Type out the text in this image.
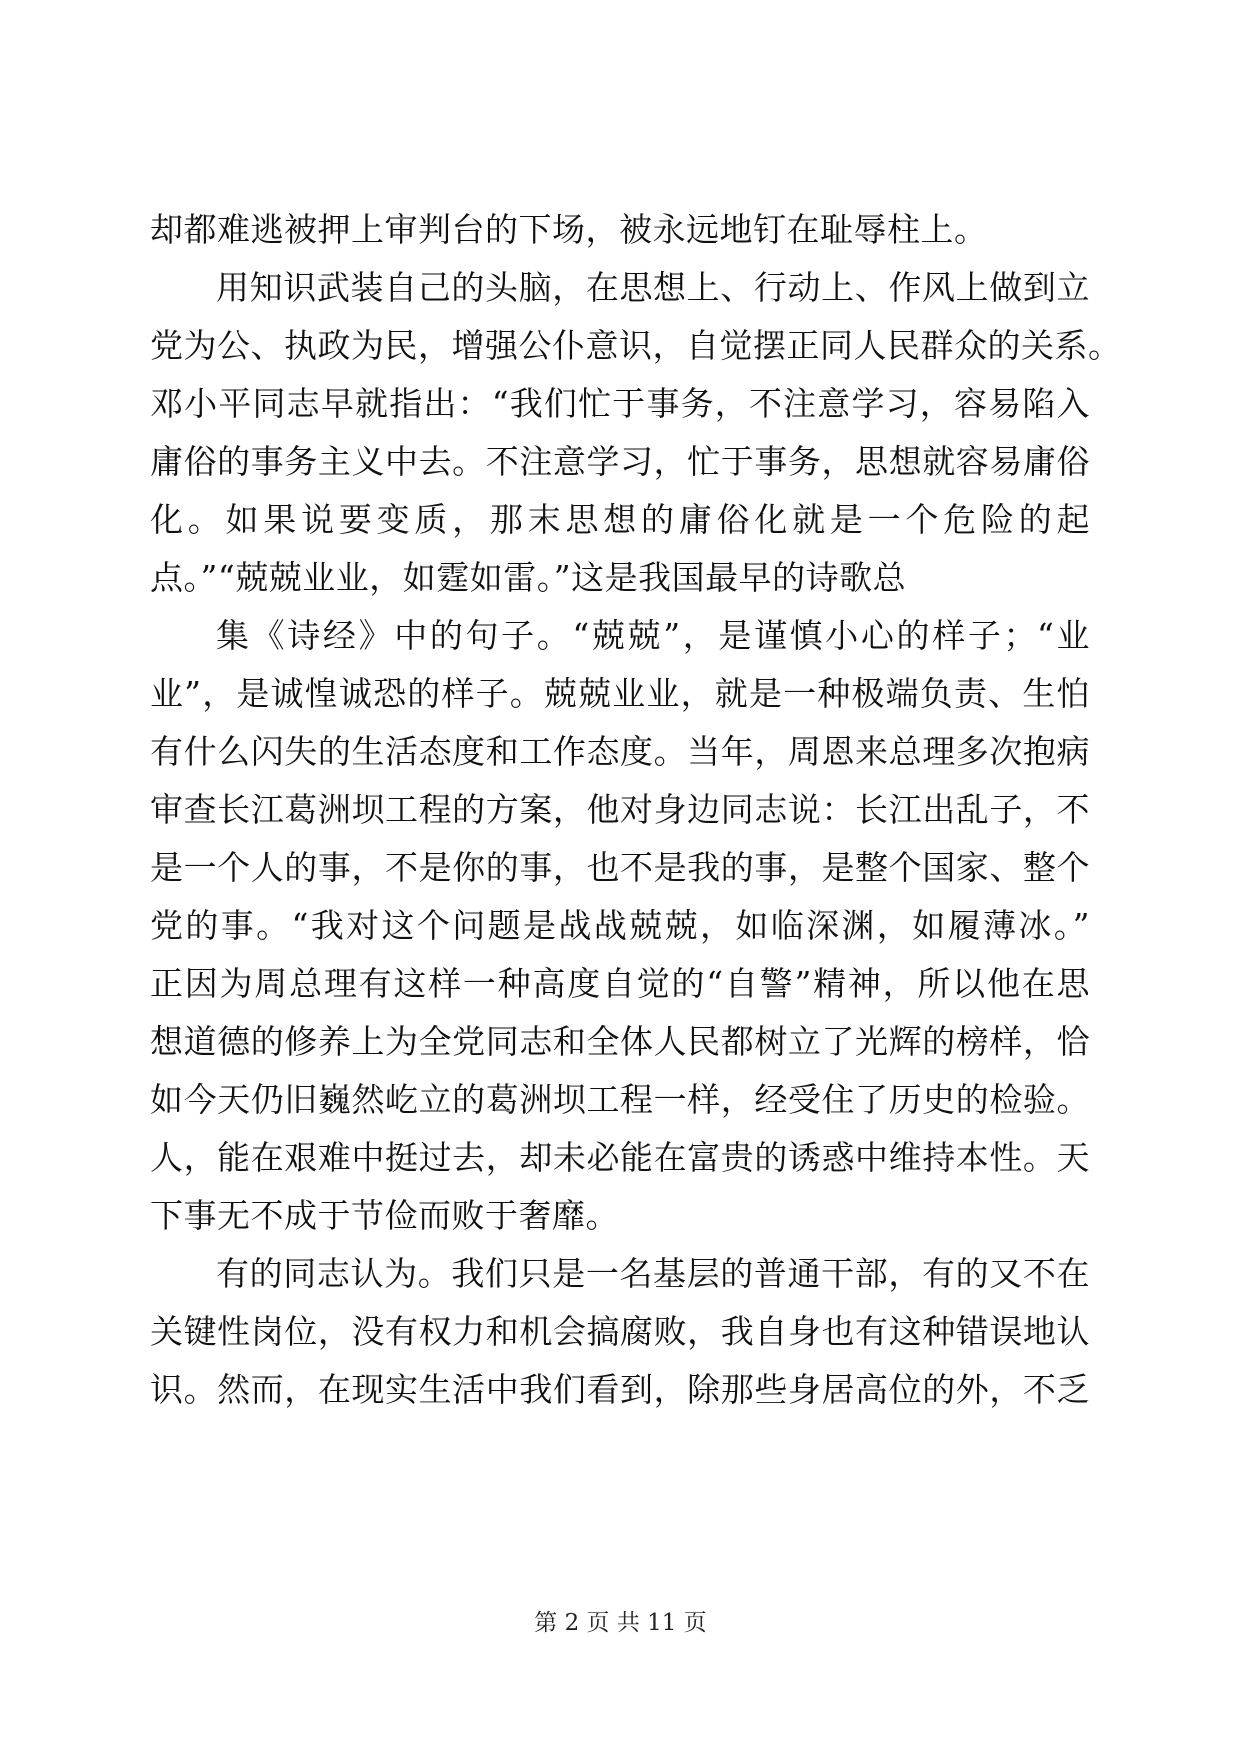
却都难逃被押上审判台的下场，被永远地钉在耻辱柱上。
用知识武装自己的头脑，在思想上、行动上、作风上做到立
党为公、执政为民，增强公仆意识，自觉摆正同人民群众的关系。
邓小平同志早就指出：“我们忙于事务，不注意学习，容易陷入
庸俗的事务主义中去。不注意学习，忙于事务，思想就容易庸俗
化。如果说要变质，那末思想的庸俗化就是一个危险的起
点。”“兢兢业业，如霆如雷。”这是我国最早的诗歌总
集《诗经》中的句子。“兢兢”，是谨慎小心的样子；“业
业”，是诚惶诚恐的样子。兢兢业业，就是一种极端负责、生怕
有什么闪失的生活态度和工作态度。当年，周恩来总理多次抱病
审查长江葛洲坝工程的方案，他对身边同志说：长江出乱子，不
是一个人的事，不是你的事，也不是我的事，是整个国家、整个
党的事。“我对这个问题是战战兢兢，如临深渊，如履薄冰。”
正因为周总理有这样一种高度自觉的“自警”精神，所以他在思
想道德的修养上为全党同志和全体人民都树立了光辉的榜样，恰
如今天仍旧巍然屹立的葛洲坝工程一样，经受住了历史的检验。
人，能在艰难中挺过去，却未必能在富贵的诱惑中维持本性。天
下事无不成于节俭而败于奢靡。
有的同志认为。我们只是一名基层的普通干部，有的又不在
关键性岗位，没有权力和机会搞腐败，我自身也有这种错误地认
识。然而，在现实生活中我们看到，除那些身居高位的外，不乏
第 2 页 共 11 页
